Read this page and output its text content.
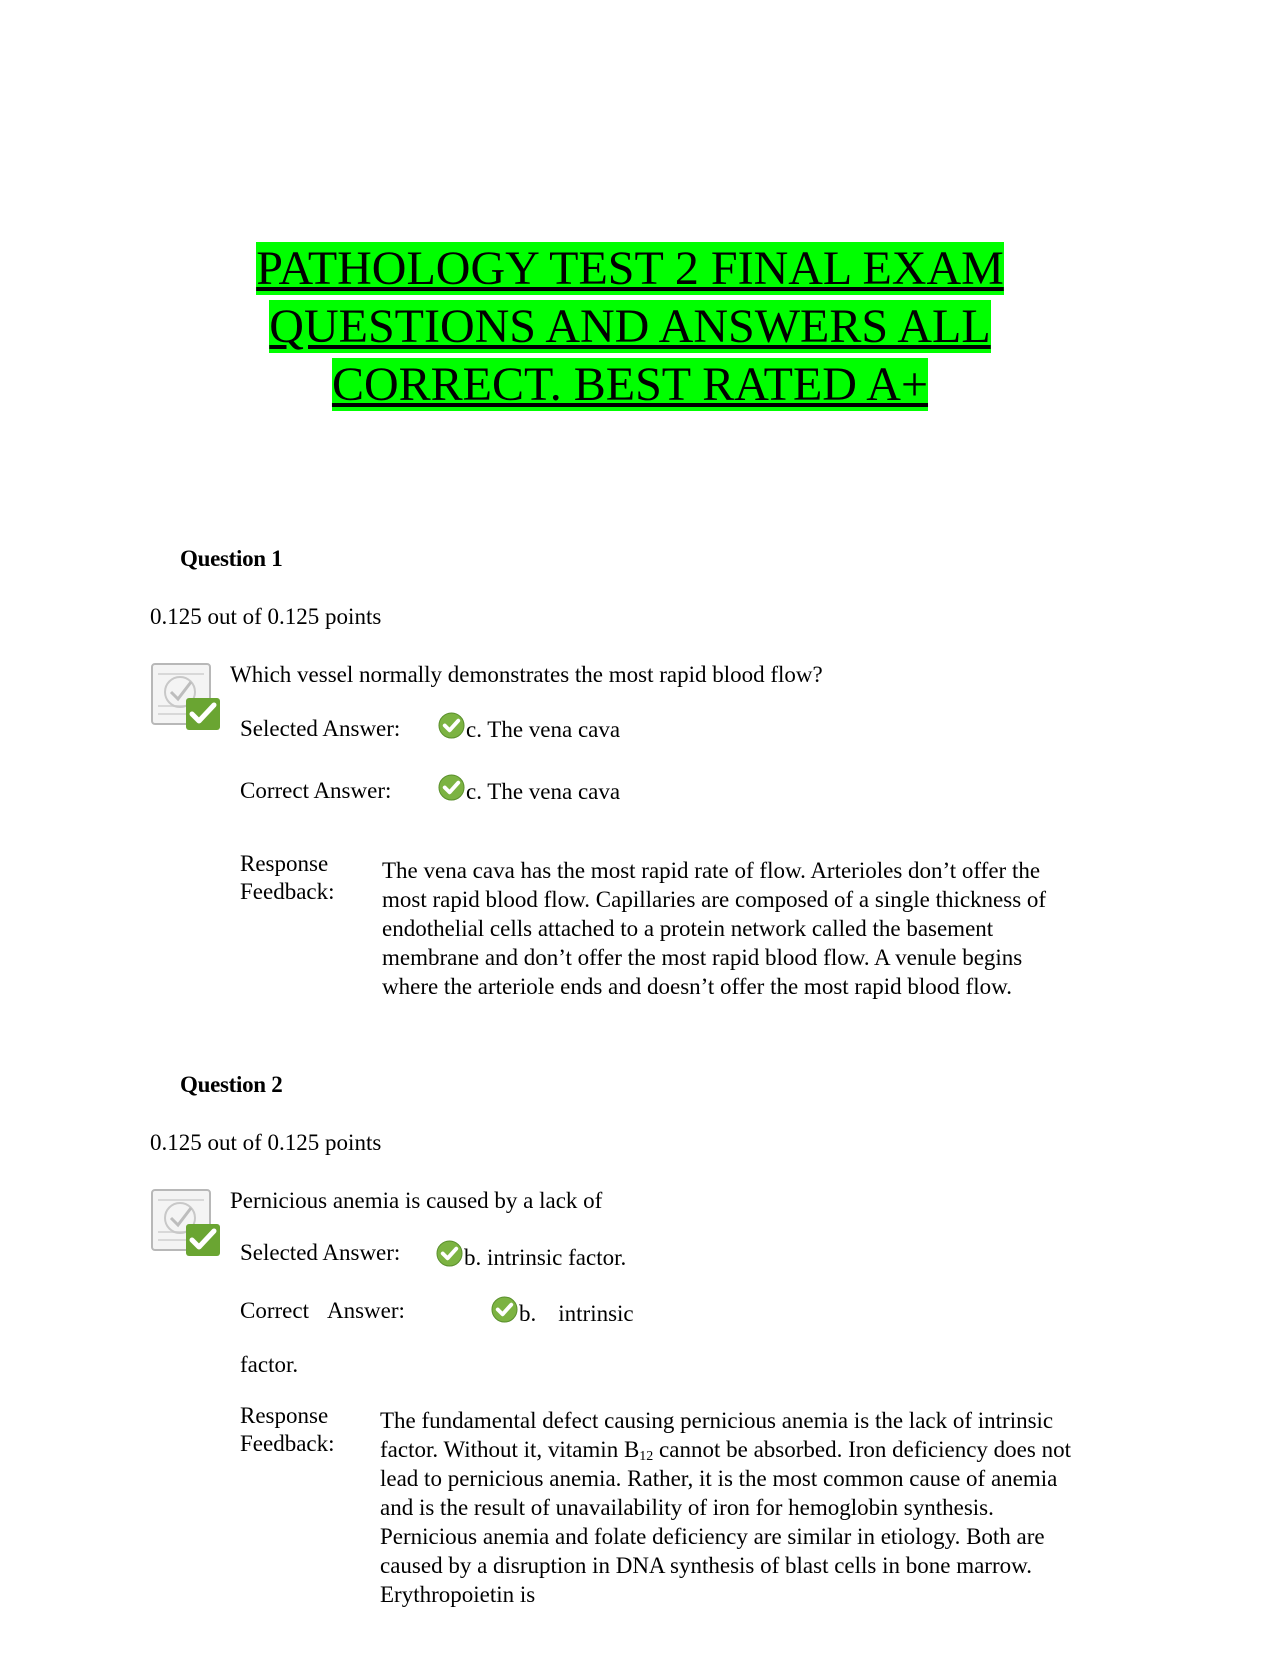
PATHOLOGY TEST 2 FINAL EXAM
QUESTIONS AND ANSWERS ALL
CORRECT. BEST RATED A+
Question 1
0.125 out of 0.125 points
Which vessel normally demonstrates the most rapid blood flow?
Selected Answer:	c. The vena cava
Correct Answer:	c. The vena cava
Response
Feedback:
The vena cava has the most rapid rate of flow. Arterioles don’t offer the most rapid blood flow. Capillaries are composed of a single thickness of endothelial cells attached to a protein network called the basement membrane and don’t offer the most rapid blood flow. A venule begins where the arteriole ends and doesn’t offer the most rapid blood flow.
Question 2
0.125 out of 0.125 points
Pernicious anemia is caused by a lack of
Selected Answer:	b. intrinsic factor.
Correct Answer:	b. intrinsic
factor.
Response
Feedback:
The fundamental defect causing pernicious anemia is the lack of intrinsic factor. Without it, vitamin $B_{12}$ cannot be absorbed. Iron deficiency does not lead to pernicious anemia. Rather, it is the most common cause of anemia and is the result of unavailability of iron for hemoglobin synthesis. Pernicious anemia and folate deficiency are similar in etiology. Both are caused by a disruption in DNA synthesis of blast cells in bone marrow. Erythropoietin is
